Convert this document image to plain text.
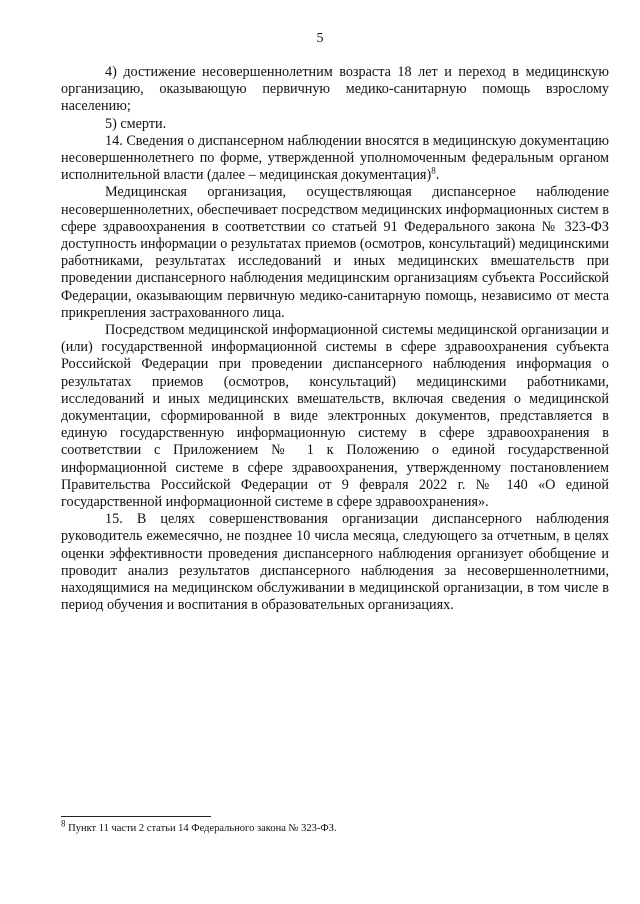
5

4) достижение несовершеннолетним возраста 18 лет и переход в медицинскую организацию, оказывающую первичную медико-санитарную помощь взрослому населению;

5) смерти.

14. Сведения о диспансерном наблюдении вносятся в медицинскую документацию несовершеннолетнего по форме, утвержденной уполномоченным федеральным органом исполнительной власти (далее – медицинская документация)$^8$.

Медицинская организация, осуществляющая диспансерное наблюдение несовершеннолетних, обеспечивает посредством медицинских информационных систем в сфере здравоохранения в соответствии со статьей 91 Федерального закона № 323-ФЗ доступность информации о результатах приемов (осмотров, консультаций) медицинскими работниками, результатах исследований и иных медицинских вмешательств при проведении диспансерного наблюдения медицинским организациям субъекта Российской Федерации, оказывающим первичную медико-санитарную помощь, независимо от места прикрепления застрахованного лица.

Посредством медицинской информационной системы медицинской организации и (или) государственной информационной системы в сфере здравоохранения субъекта Российской Федерации при проведении диспансерного наблюдения информация о результатах приемов (осмотров, консультаций) медицинскими работниками, исследований и иных медицинских вмешательств, включая сведения о медицинской документации, сформированной в виде электронных документов, представляется в единую государственную информационную систему в сфере здравоохранения в соответствии с Приложением № 1 к Положению о единой государственной информационной системе в сфере здравоохранения, утвержденному постановлением Правительства Российской Федерации от 9 февраля 2022 г. № 140 «О единой государственной информационной системе в сфере здравоохранения».

15. В целях совершенствования организации диспансерного наблюдения руководитель ежемесячно, не позднее 10 числа месяца, следующего за отчетным, в целях оценки эффективности проведения диспансерного наблюдения организует обобщение и проводит анализ результатов диспансерного наблюдения за несовершеннолетними, находящимися на медицинском обслуживании в медицинской организации, в том числе в период обучения и воспитания в образовательных организациях.

$^8$ Пункт 11 части 2 статьи 14 Федерального закона № 323-ФЗ.
